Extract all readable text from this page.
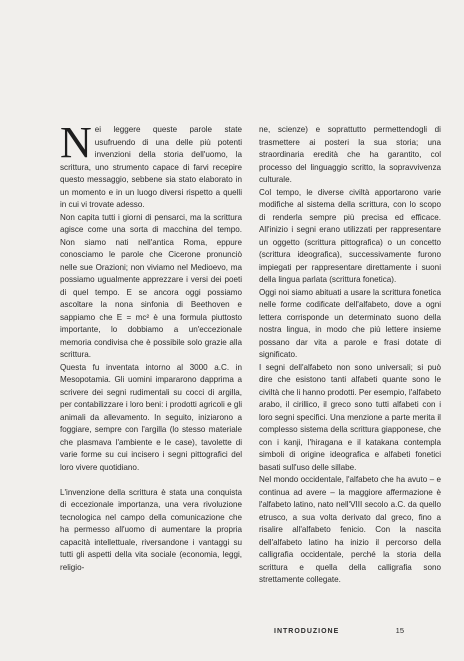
Nei leggere queste parole state usufruendo di una delle più potenti invenzioni della storia dell'uomo, la scrittura, uno strumento capace di farvi recepire questo messaggio, sebbene sia stato elaborato in un momento e in un luogo diversi rispetto a quelli in cui vi trovate adesso.

Non capita tutti i giorni di pensarci, ma la scrittura agisce come una sorta di macchina del tempo. Non siamo nati nell'antica Roma, eppure conosciamo le parole che Cicerone pronunciò nelle sue Orazioni; non viviamo nel Medioevo, ma possiamo ugualmente apprezzare i versi dei poeti di quel tempo. E se ancora oggi possiamo ascoltare la nona sinfonia di Beethoven e sappiamo che E = mc² è una formula piuttosto importante, lo dobbiamo a un'eccezionale memoria condivisa che è possibile solo grazie alla scrittura.

Questa fu inventata intorno al 3000 a.C. in Mesopotamia. Gli uomini impararono dapprima a scrivere dei segni rudimentali su cocci di argilla, per contabilizzare i loro beni: i prodotti agricoli e gli animali da allevamento. In seguito, iniziarono a foggiare, sempre con l'argilla (lo stesso materiale che plasmava l'ambiente e le case), tavolette di varie forme su cui incisero i segni pittografici del loro vivere quotidiano.

L'invenzione della scrittura è stata una conquista di eccezionale importanza, una vera rivoluzione tecnologica nel campo della comunicazione che ha permesso all'uomo di aumentare la propria capacità intellettuale, riversandone i vantaggi su tutti gli aspetti della vita sociale (economia, leggi, religio-

ne, scienze) e soprattutto permettendogli di trasmettere ai posteri la sua storia; una straordinaria eredità che ha garantito, col processo del linguaggio scritto, la sopravvivenza culturale.

Col tempo, le diverse civiltà apportarono varie modifiche al sistema della scrittura, con lo scopo di renderla sempre più precisa ed efficace. All'inizio i segni erano utilizzati per rappresentare un oggetto (scrittura pittografica) o un concetto (scrittura ideografica), successivamente furono impiegati per rappresentare direttamente i suoni della lingua parlata (scrittura fonetica).

Oggi noi siamo abituati a usare la scrittura fonetica nelle forme codificate dell'alfabeto, dove a ogni lettera corrisponde un determinato suono della nostra lingua, in modo che più lettere insieme possano dar vita a parole e frasi dotate di significato.

I segni dell'alfabeto non sono universali; si può dire che esistono tanti alfabeti quante sono le civiltà che li hanno prodotti. Per esempio, l'alfabeto arabo, il cirillico, il greco sono tutti alfabeti con i loro segni specifici. Una menzione a parte merita il complesso sistema della scrittura giapponese, che con i kanji, l'hiragana e il katakana contempla simboli di origine ideografica e alfabeti fonetici basati sull'uso delle sillabe.

Nel mondo occidentale, l'alfabeto che ha avuto – e continua ad avere – la maggiore affermazione è l'alfabeto latino, nato nell'VIII secolo a.C. da quello etrusco, a sua volta derivato dal greco, fino a risalire all'alfabeto fenicio. Con la nascita dell'alfabeto latino ha inizio il percorso della calligrafia occidentale, perché la storia della scrittura e quella della calligrafia sono strettamente collegate.

INTRODUZIONE	15
